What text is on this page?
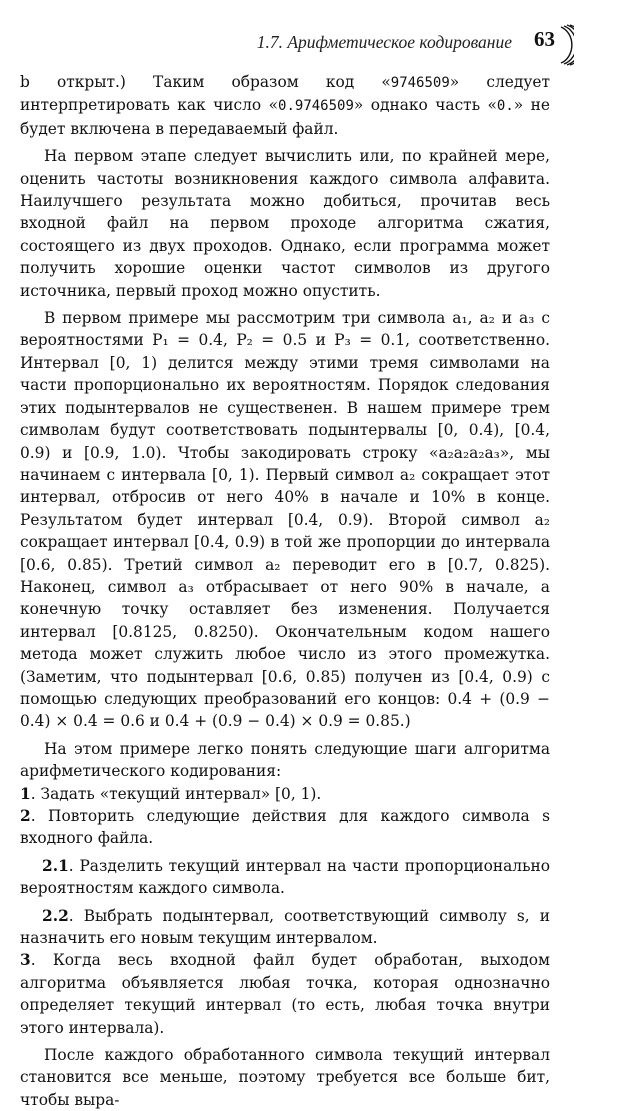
1.7. Арифметическое кодирование 63

b открыт.) Таким образом код «9746509» следует интерпретировать как число «0.9746509» однако часть «0.» не будет включена в передаваемый файл.

На первом этапе следует вычислить или, по крайней мере, оценить частоты возникновения каждого символа алфавита. Наилучшего результата можно добиться, прочитав весь входной файл на первом проходе алгоритма сжатия, состоящего из двух проходов. Однако, если программа может получить хорошие оценки частот символов из другого источника, первый проход можно опустить.

В первом примере мы рассмотрим три символа a₁, a₂ и a₃ с вероятностями P₁ = 0.4, P₂ = 0.5 и P₃ = 0.1, соответственно. Интервал [0, 1) делится между этими тремя символами на части пропорционально их вероятностям. Порядок следования этих подынтервалов не существенен. В нашем примере трем символам будут соответствовать подынтервалы [0, 0.4), [0.4, 0.9) и [0.9, 1.0). Чтобы закодировать строку «a₂a₂a₂a₃», мы начинаем с интервала [0, 1). Первый символ a₂ сокращает этот интервал, отбросив от него 40% в начале и 10% в конце. Результатом будет интервал [0.4, 0.9). Второй символ a₂ сокращает интервал [0.4, 0.9) в той же пропорции до интервала [0.6, 0.85). Третий символ a₂ переводит его в [0.7, 0.825). Наконец, символ a₃ отбрасывает от него 90% в начале, а конечную точку оставляет без изменения. Получается интервал [0.8125, 0.8250). Окончательным кодом нашего метода может служить любое число из этого промежутка. (Заметим, что подынтервал [0.6, 0.85) получен из [0.4, 0.9) с помощью следующих преобразований его концов: 0.4 + (0.9 − 0.4) × 0.4 = 0.6 и 0.4 + (0.9 − 0.4) × 0.9 = 0.85.)

На этом примере легко понять следующие шаги алгоритма арифметического кодирования:

1. Задать «текущий интервал» [0, 1).

2. Повторить следующие действия для каждого символа s входного файла.

2.1. Разделить текущий интервал на части пропорционально вероятностям каждого символа.

2.2. Выбрать подынтервал, соответствующий символу s, и назначить его новым текущим интервалом.

3. Когда весь входной файл будет обработан, выходом алгоритма объявляется любая точка, которая однозначно определяет текущий интервал (то есть, любая точка внутри этого интервала).

После каждого обработанного символа текущий интервал становится все меньше, поэтому требуется все больше бит, чтобы выра-
